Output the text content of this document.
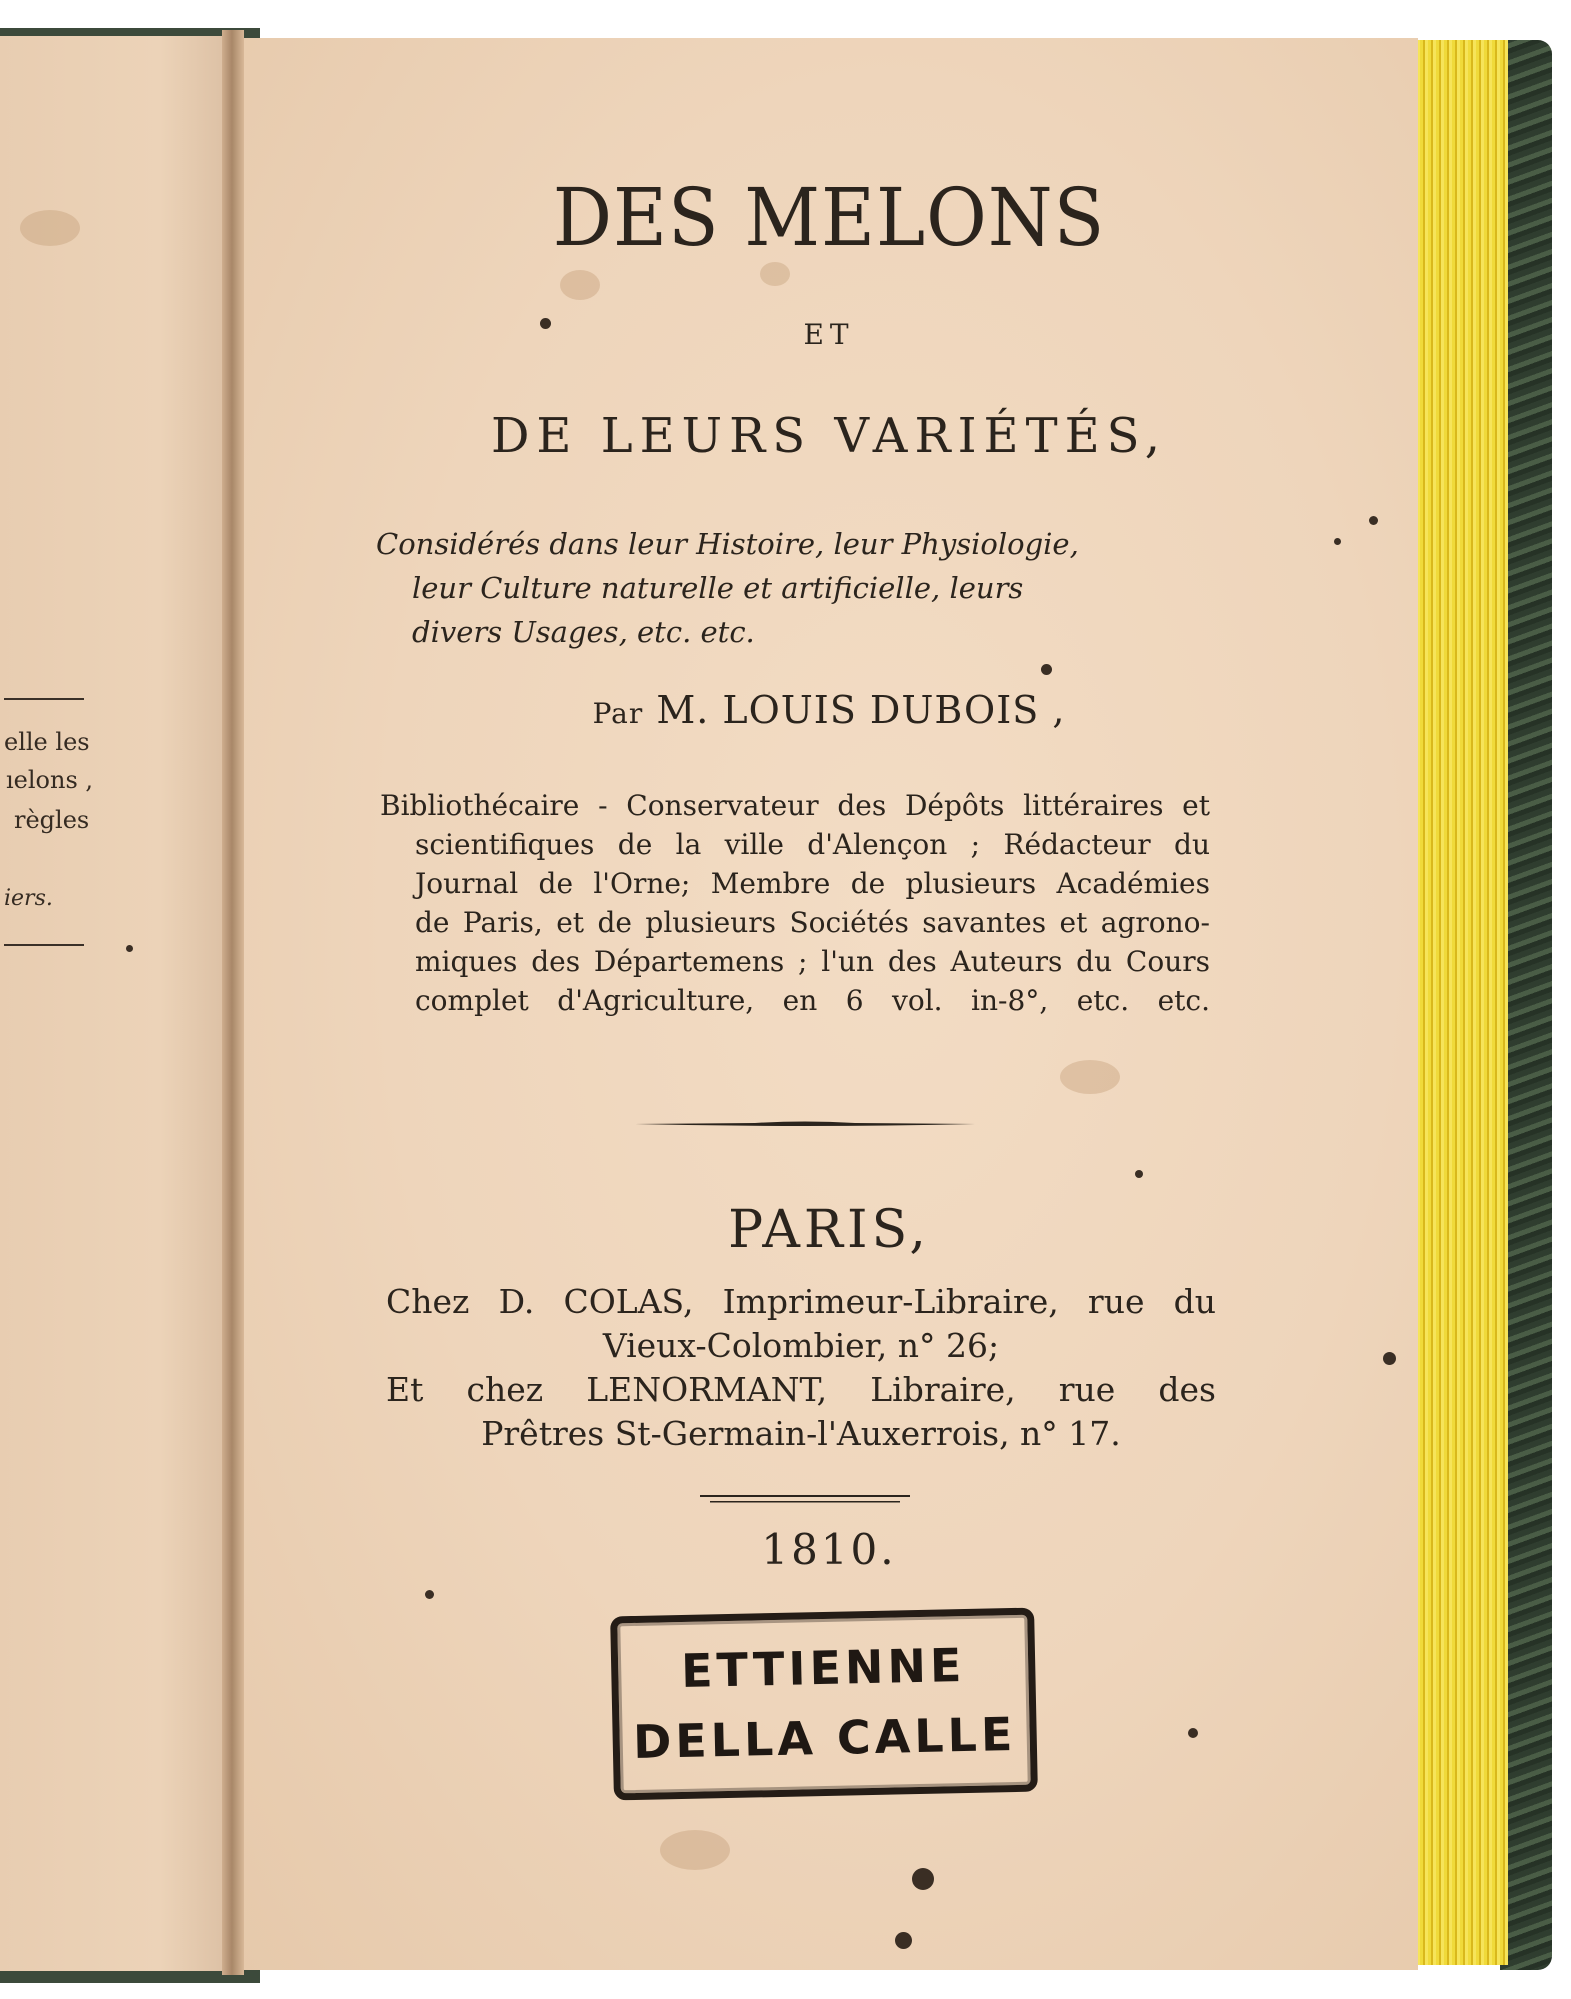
elle les
ıelons ,
règles
iers.
DES MELONS
ET
DE LEURS VARIÉTÉS,
Considérés dans leur Histoire, leur Physiologie,
leur Culture naturelle et artificielle, leurs
divers Usages, etc. etc.
Par M. LOUIS DUBOIS ,
Bibliothécaire - Conservateur des Dépôts littéraires et
scientifiques de la ville d'Alençon ; Rédacteur du
Journal de l'Orne; Membre de plusieurs Académies
de Paris, et de plusieurs Sociétés savantes et agrono-
miques des Départemens ; l'un des Auteurs du Cours
complet d'Agriculture, en 6 vol. in-8°, etc. etc.
PARIS,
Chez D. COLAS, Imprimeur-Libraire, rue du
Vieux-Colombier, n° 26;
Et chez LENORMANT, Libraire, rue des
Prêtres St-Germain-l'Auxerrois, n° 17.
1810.
ETTIENNE
DELLA CALLE
